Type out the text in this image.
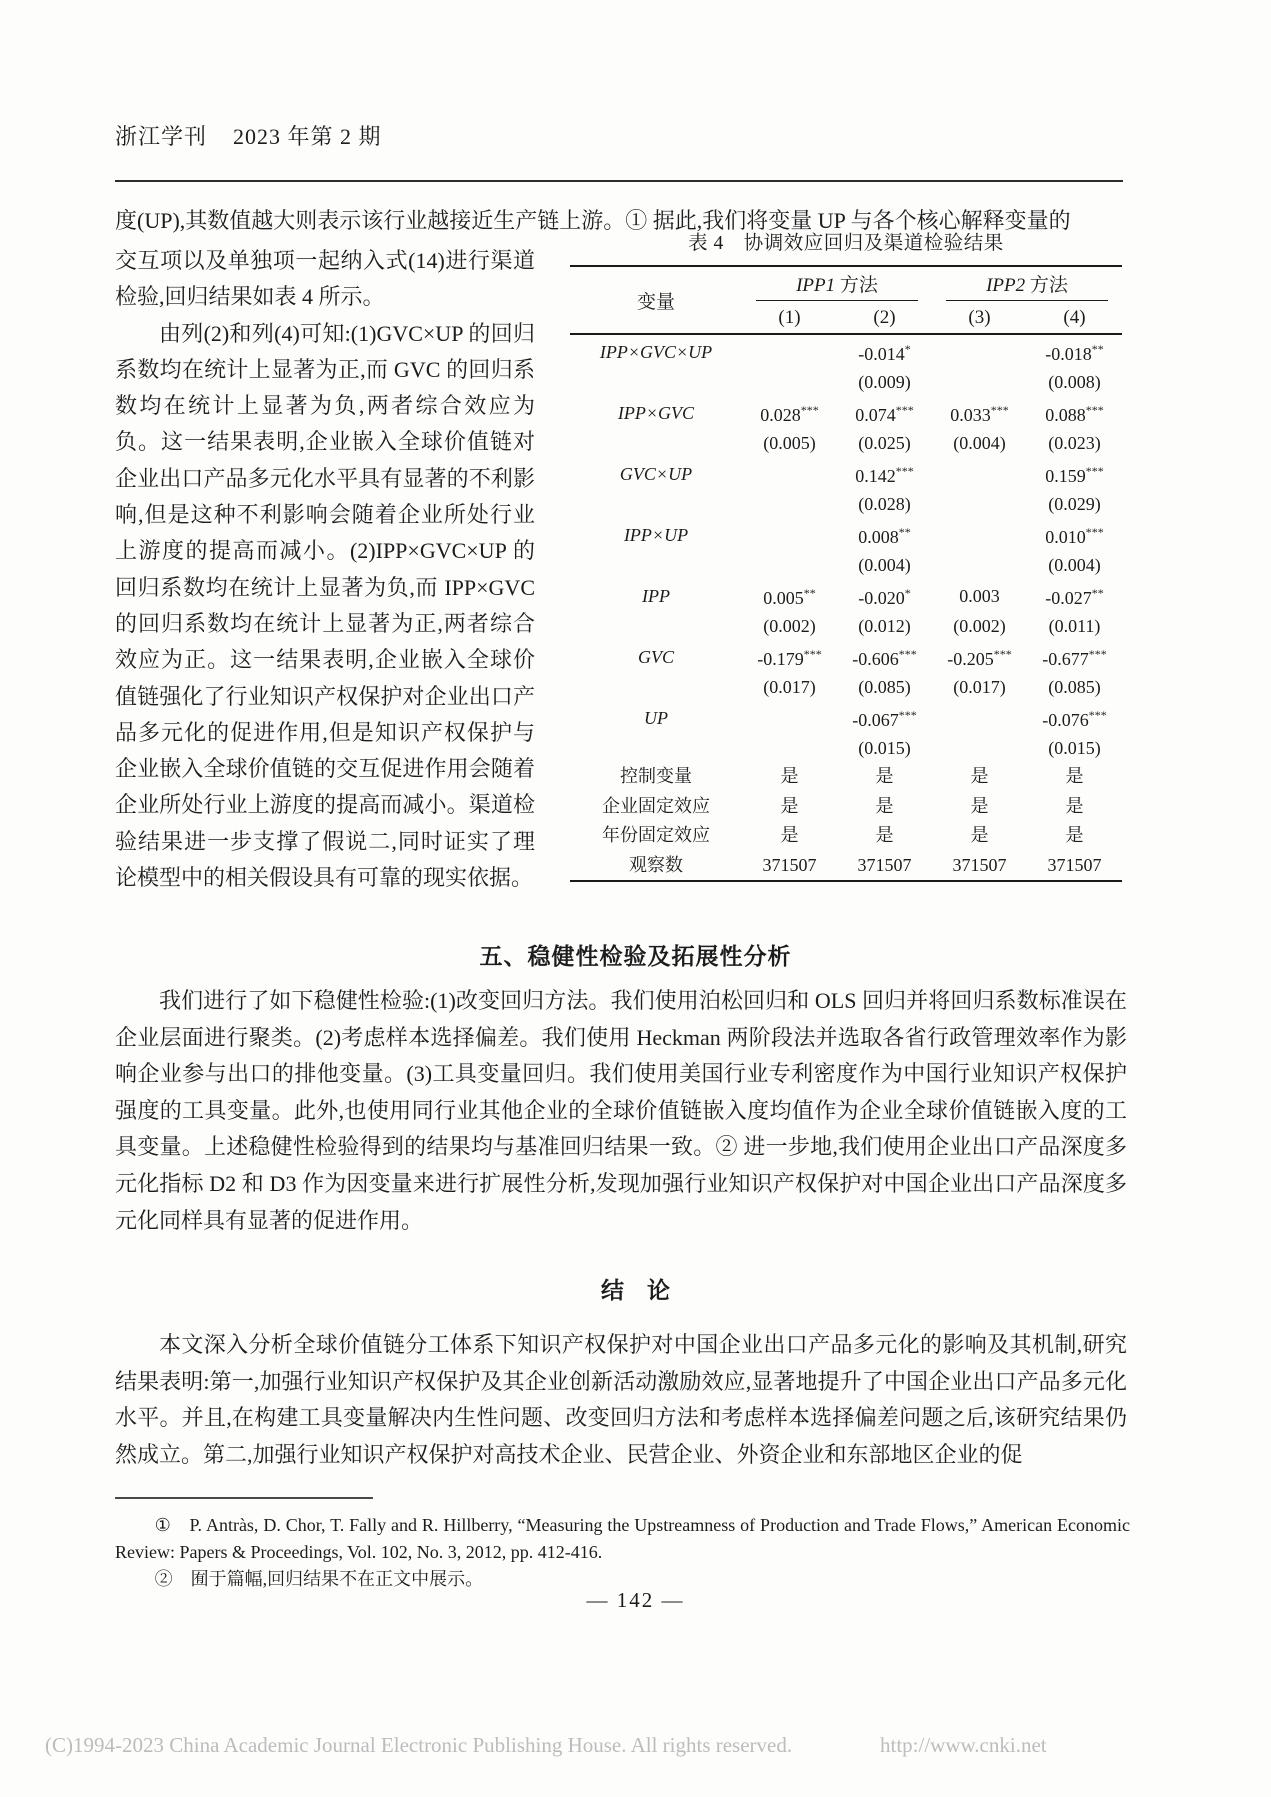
浙江学刊 2023 年第 2 期
度(UP),其数值越大则表示该行业越接近生产链上游。① 据此,我们将变量 UP 与各个核心解释变量的

交互项以及单独项一起纳入式(14)进行渠道检验,回归结果如表 4 所示。

由列(2)和列(4)可知:(1)GVC×UP 的回归系数均在统计上显著为正,而 GVC 的回归系数均在统计上显著为负,两者综合效应为负。这一结果表明,企业嵌入全球价值链对企业出口产品多元化水平具有显著的不利影响,但是这种不利影响会随着企业所处行业上游度的提高而减小。(2)IPP×GVC×UP 的回归系数均在统计上显著为负,而 IPP×GVC 的回归系数均在统计上显著为正,两者综合效应为正。这一结果表明,企业嵌入全球价值链强化了行业知识产权保护对企业出口产品多元化的促进作用,但是知识产权保护与企业嵌入全球价值链的交互促进作用会随着企业所处行业上游度的提高而减小。渠道检验结果进一步支撑了假说二,同时证实了理论模型中的相关假设具有可靠的现实依据。

表 4　协调效应回归及渠道检验结果
变量	IPP1 方法		IPP2 方法	

	(1)	(2)	(3)	(4)
IPP×GVC×UP		-0.014*		-0.018**
		(0.009)		(0.008)
IPP×GVC	0.028***	0.074***	0.033***	0.088***
	(0.005)	(0.025)	(0.004)	(0.023)
GVC×UP		0.142***		0.159***
		(0.028)		(0.029)
IPP×UP		0.008**		0.010***
		(0.004)		(0.004)
IPP	0.005**	-0.020*	0.003	-0.027**
	(0.002)	(0.012)	(0.002)	(0.011)
GVC	-0.179***	-0.606***	-0.205***	-0.677***
	(0.017)	(0.085)	(0.017)	(0.085)
UP		-0.067***		-0.076***
		(0.015)		(0.015)
控制变量	是	是	是	是
企业固定效应	是	是	是	是
年份固定效应	是	是	是	是
观察数	371507	371507	371507	371507
五、稳健性检验及拓展性分析
我们进行了如下稳健性检验:(1)改变回归方法。我们使用泊松回归和 OLS 回归并将回归系数标准误在企业层面进行聚类。(2)考虑样本选择偏差。我们使用 Heckman 两阶段法并选取各省行政管理效率作为影响企业参与出口的排他变量。(3)工具变量回归。我们使用美国行业专利密度作为中国行业知识产权保护强度的工具变量。此外,也使用同行业其他企业的全球价值链嵌入度均值作为企业全球价值链嵌入度的工具变量。上述稳健性检验得到的结果均与基准回归结果一致。② 进一步地,我们使用企业出口产品深度多元化指标 D2 和 D3 作为因变量来进行扩展性分析,发现加强行业知识产权保护对中国企业出口产品深度多元化同样具有显著的促进作用。
结　论
本文深入分析全球价值链分工体系下知识产权保护对中国企业出口产品多元化的影响及其机制,研究结果表明:第一,加强行业知识产权保护及其企业创新活动激励效应,显著地提升了中国企业出口产品多元化水平。并且,在构建工具变量解决内生性问题、改变回归方法和考虑样本选择偏差问题之后,该研究结果仍然成立。第二,加强行业知识产权保护对高技术企业、民营企业、外资企业和东部地区企业的促
①　P. Antràs, D. Chor, T. Fally and R. Hillberry, “Measuring the Upstreamness of Production and Trade Flows,” American Economic Review: Papers & Proceedings, Vol. 102, No. 3, 2012, pp. 412-416.
②　囿于篇幅,回归结果不在正文中展示。
— 142 —
(C)1994-2023 China Academic Journal Electronic Publishing House. All rights reserved.	http://www.cnki.net
